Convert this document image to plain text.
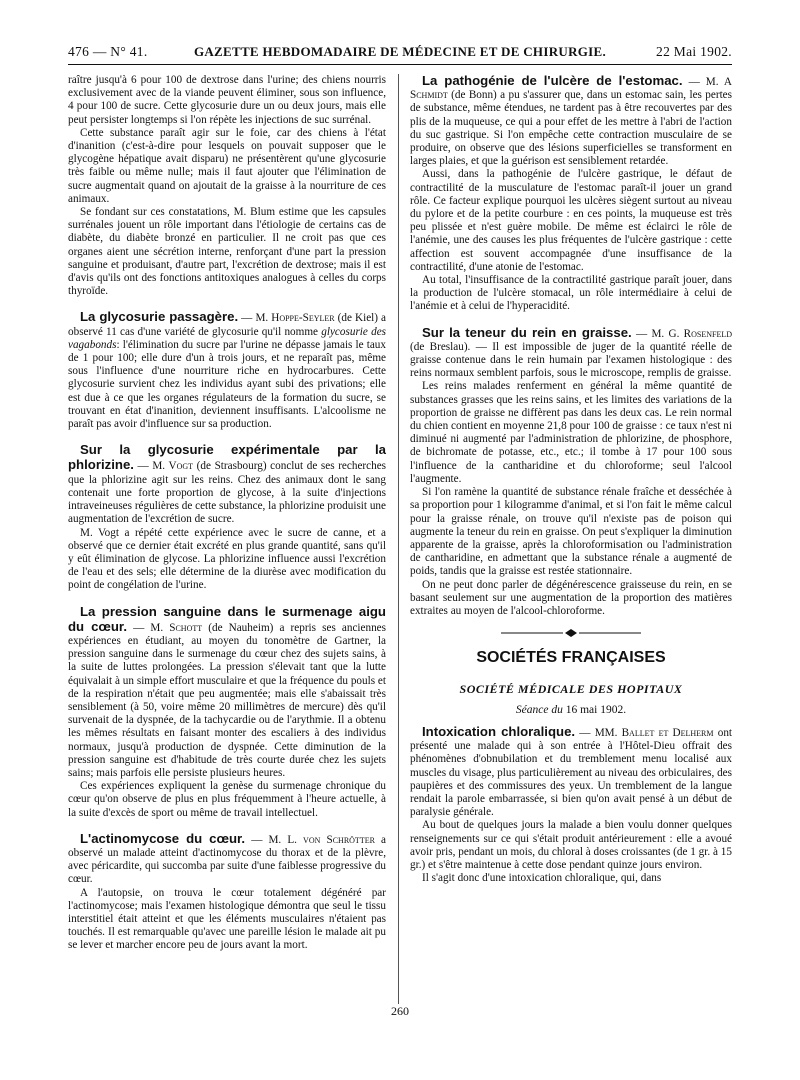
476 — N° 41.	GAZETTE HEBDOMADAIRE DE MÉDECINE ET DE CHIRURGIE.	22 Mai 1902.

raître jusqu'à 6 pour 100 de dextrose dans l'urine; des chiens nourris exclusivement avec de la viande peuvent éliminer, sous son influence, 4 pour 100 de sucre. Cette glycosurie dure un ou deux jours, mais elle peut persister longtemps si l'on répète les injections de suc surrénal.

Cette substance paraît agir sur le foie, car des chiens à l'état d'inanition (c'est-à-dire pour lesquels on pouvait supposer que le glycogène hépatique avait disparu) ne présentèrent qu'une glycosurie très faible ou même nulle; mais il faut ajouter que l'élimination de sucre augmentait quand on ajoutait de la graisse à la nourriture de ces animaux.

Se fondant sur ces constatations, M. Blum estime que les capsules surrénales jouent un rôle important dans l'étiologie de certains cas de diabète, du diabète bronzé en particulier. Il ne croit pas que ces organes aient une sécrétion interne, renforçant d'une part la pression sanguine et produisant, d'autre part, l'excrétion de dextrose; mais il est d'avis qu'ils ont des fonctions antitoxiques analogues à celles du corps thyroïde.

La glycosurie passagère. — M. Hoppe-Seyler (de Kiel) a observé 11 cas d'une variété de glycosurie qu'il nomme glycosurie des vagabonds: l'élimination du sucre par l'urine ne dépasse jamais le taux de 1 pour 100; elle dure d'un à trois jours, et ne reparaît pas, même sous l'influence d'une nourriture riche en hydrocarbures. Cette glycosurie survient chez les individus ayant subi des privations; elle est due à ce que les organes régulateurs de la formation du sucre, se trouvant en état d'inanition, deviennent insuffisants. L'alcoolisme ne paraît pas avoir d'influence sur sa production.

Sur la glycosurie expérimentale par la phlorizine. — M. Vogt (de Strasbourg) conclut de ses recherches que la phlorizine agit sur les reins. Chez des animaux dont le sang contenait une forte proportion de glycose, à la suite d'injections intraveineuses régulières de cette substance, la phlorizine produisit une augmentation de l'excrétion de sucre.

M. Vogt a répété cette expérience avec le sucre de canne, et a observé que ce dernier était excrété en plus grande quantité, sans qu'il y eût élimination de glycose. La phlorizine influence aussi l'excrétion de l'eau et des sels; elle détermine de la diurèse avec modification du point de congélation de l'urine.

La pression sanguine dans le surmenage aigu du cœur. — M. Schott (de Nauheim) a repris ses anciennes expériences en étudiant, au moyen du tonomètre de Gartner, la pression sanguine dans le surmenage du cœur chez des sujets sains, à la suite de luttes prolongées. La pression s'élevait tant que la lutte équivalait à un simple effort musculaire et que la fréquence du pouls et de la respiration n'était que peu augmentée; mais elle s'abaissait très sensiblement (à 50, voire même 20 millimètres de mercure) dès qu'il survenait de la dyspnée, de la tachycardie ou de l'arythmie. Il a obtenu les mêmes résultats en faisant monter des escaliers à des individus normaux, jusqu'à production de dyspnée. Cette diminution de la pression sanguine est d'habitude de très courte durée chez les sujets sains; mais parfois elle persiste plusieurs heures.

Ces expériences expliquent la genèse du surmenage chronique du cœur qu'on observe de plus en plus fréquemment à l'heure actuelle, à la suite d'excès de sport ou même de travail intellectuel.

L'actinomycose du cœur. — M. L. von Schrötter a observé un malade atteint d'actinomycose du thorax et de la plèvre, avec péricardite, qui succomba par suite d'une faiblesse progressive du cœur.

A l'autopsie, on trouva le cœur totalement dégénéré par l'actinomycose; mais l'examen histologique démontra que seul le tissu interstitiel était atteint et que les éléments musculaires n'étaient pas touchés. Il est remarquable qu'avec une pareille lésion le malade ait pu se lever et marcher encore peu de jours avant la mort.

La pathogénie de l'ulcère de l'estomac. — M. A Schmidt (de Bonn) a pu s'assurer que, dans un estomac sain, les pertes de substance, même étendues, ne tardent pas à être recouvertes par des plis de la muqueuse, ce qui a pour effet de les mettre à l'abri de l'action du suc gastrique. Si l'on empêche cette contraction musculaire de se produire, on observe que des lésions superficielles se transforment en larges plaies, et que la guérison est sensiblement retardée.

Aussi, dans la pathogénie de l'ulcère gastrique, le défaut de contractilité de la musculature de l'estomac paraît-il jouer un grand rôle. Ce facteur explique pourquoi les ulcères siègent surtout au niveau du pylore et de la petite courbure : en ces points, la muqueuse est très peu plissée et n'est guère mobile. De même est éclairci le rôle de l'anémie, une des causes les plus fréquentes de l'ulcère gastrique : cette affection est souvent accompagnée d'une insuffisance de la contractilité, d'une atonie de l'estomac.

Au total, l'insuffisance de la contractilité gastrique paraît jouer, dans la production de l'ulcère stomacal, un rôle intermédiaire à celui de l'anémie et à celui de l'hyperacidité.

Sur la teneur du rein en graisse. — M. G. Rosenfeld (de Breslau). — Il est impossible de juger de la quantité réelle de graisse contenue dans le rein humain par l'examen histologique : des reins normaux semblent parfois, sous le microscope, remplis de graisse.

Les reins malades renferment en général la même quantité de substances grasses que les reins sains, et les limites des variations de la proportion de graisse ne diffèrent pas dans les deux cas. Le rein normal du chien contient en moyenne 21,8 pour 100 de graisse : ce taux n'est ni diminué ni augmenté par l'administration de phlorizine, de phosphore, de bichromate de potasse, etc., etc.; il tombe à 17 pour 100 sous l'influence de la cantharidine et du chloroforme; seul l'alcool l'augmente.

Si l'on ramène la quantité de substance rénale fraîche et desséchée à sa proportion pour 1 kilogramme d'animal, et si l'on fait le même calcul pour la graisse rénale, on trouve qu'il n'existe pas de poison qui augmente la teneur du rein en graisse. On peut s'expliquer la diminution apparente de la graisse, après la chloroformisation ou l'administration de cantharidine, en admettant que la substance rénale a augmenté de poids, tandis que la graisse est restée stationnaire.

On ne peut donc parler de dégénérescence graisseuse du rein, en se basant seulement sur une augmentation de la proportion des matières extraites au moyen de l'alcool-chloroforme.

SOCIÉTÉS FRANÇAISES
SOCIÉTÉ MÉDICALE DES HOPITAUX
Séance du 16 mai 1902.

Intoxication chloralique. — MM. Ballet et Delherm ont présenté une malade qui à son entrée à l'Hôtel-Dieu offrait des phénomènes d'obnubilation et du tremblement menu localisé aux muscles du visage, plus particulièrement au niveau des orbiculaires, des paupières et des commissures des yeux. Un tremblement de la langue rendait la parole embarrassée, si bien qu'on avait pensé à un début de paralysie générale.

Au bout de quelques jours la malade a bien voulu donner quelques renseignements sur ce qui s'était produit antérieurement : elle a avoué avoir pris, pendant un mois, du chloral à doses croissantes (de 1 gr. à 15 gr.) et s'être maintenue à cette dose pendant quinze jours environ.

Il s'agit donc d'une intoxication chloralique, qui, dans

260
